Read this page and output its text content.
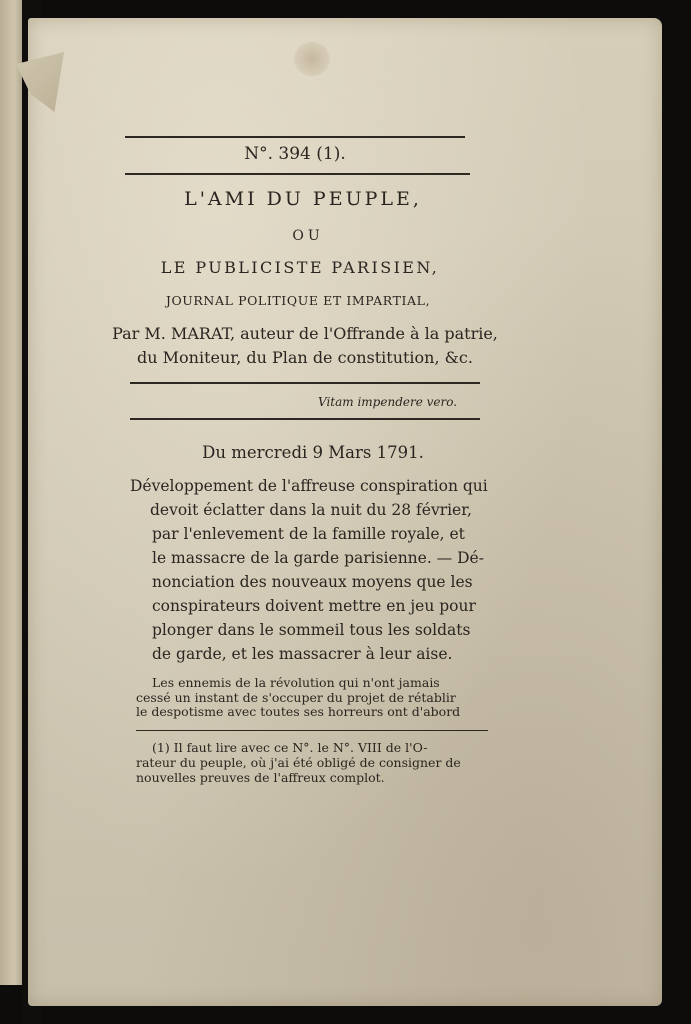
N°. 394 (1).
L'AMI DU PEUPLE,
OU
LE PUBLICISTE PARISIEN,
JOURNAL POLITIQUE ET IMPARTIAL,
Par M. MARAT, auteur de l'Offrande à la patrie,
du Moniteur, du Plan de constitution, &c.
Vitam impendere vero.
Du mercredi 9 Mars 1791.
Développement de l'affreuse conspiration qui
devoit éclatter dans la nuit du 28 février,
par l'enlevement de la famille royale, et
le massacre de la garde parisienne. — Dé-
nonciation des nouveaux moyens que les
conspirateurs doivent mettre en jeu pour
plonger dans le sommeil tous les soldats
de garde, et les massacrer à leur aise.
Les ennemis de la révolution qui n'ont jamais
cessé un instant de s'occuper du projet de rétablir
le despotisme avec toutes ses horreurs ont d'abord
(1) Il faut lire avec ce N°. le N°. VIII de l'O-
rateur du peuple, où j'ai été obligé de consigner de
nouvelles preuves de l'affreux complot.
